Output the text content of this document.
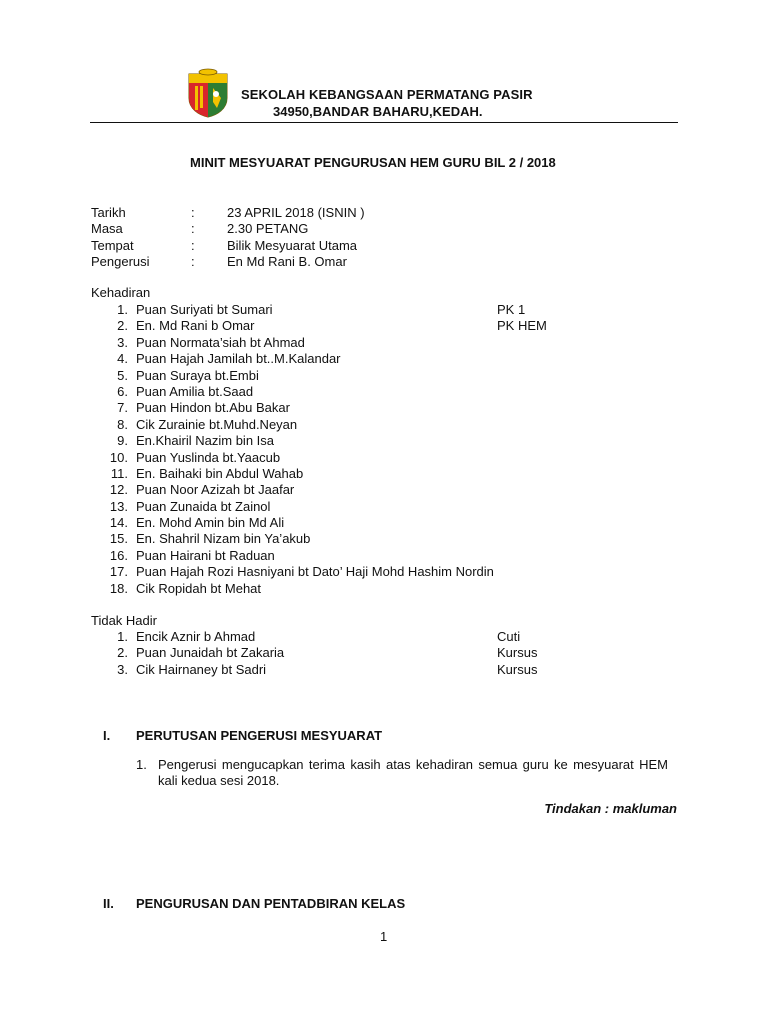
SEKOLAH KEBANGSAAN PERMATANG PASIR
34950,BANDAR BAHARU,KEDAH.
MINIT MESYUARAT PENGURUSAN HEM GURU BIL 2 / 2018
Tarikh	: 23 APRIL 2018 (ISNIN )
Masa	: 2.30 PETANG
Tempat	: Bilik Mesyuarat Utama
Pengerusi	: En Md Rani B. Omar
Kehadiran
1. Puan Suriyati bt Sumari	PK 1
2. En. Md Rani b Omar	PK HEM
3. Puan Normata’siah bt Ahmad
4. Puan Hajah Jamilah bt..M.Kalandar
5. Puan Suraya bt.Embi
6. Puan Amilia bt.Saad
7. Puan Hindon bt.Abu Bakar
8. Cik Zurainie bt.Muhd.Neyan
9. En.Khairil Nazim bin Isa
10. Puan Yuslinda bt.Yaacub
11. En. Baihaki bin Abdul Wahab
12. Puan Noor Azizah bt Jaafar
13. Puan Zunaida bt Zainol
14. En. Mohd Amin bin Md Ali
15. En. Shahril Nizam bin Ya’akub
16. Puan Hairani bt Raduan
17. Puan Hajah Rozi Hasniyani bt Dato’ Haji Mohd Hashim Nordin
18. Cik Ropidah bt Mehat
Tidak Hadir
1. Encik Aznir b Ahmad	Cuti
2. Puan Junaidah bt Zakaria	Kursus
3. Cik Hairnaney bt Sadri	Kursus
I. PERUTUSAN PENGERUSI MESYUARAT
1. Pengerusi mengucapkan terima kasih atas kehadiran semua guru ke mesyuarat HEM kali kedua sesi 2018.
Tindakan : makluman
II. PENGURUSAN DAN PENTADBIRAN KELAS
1
